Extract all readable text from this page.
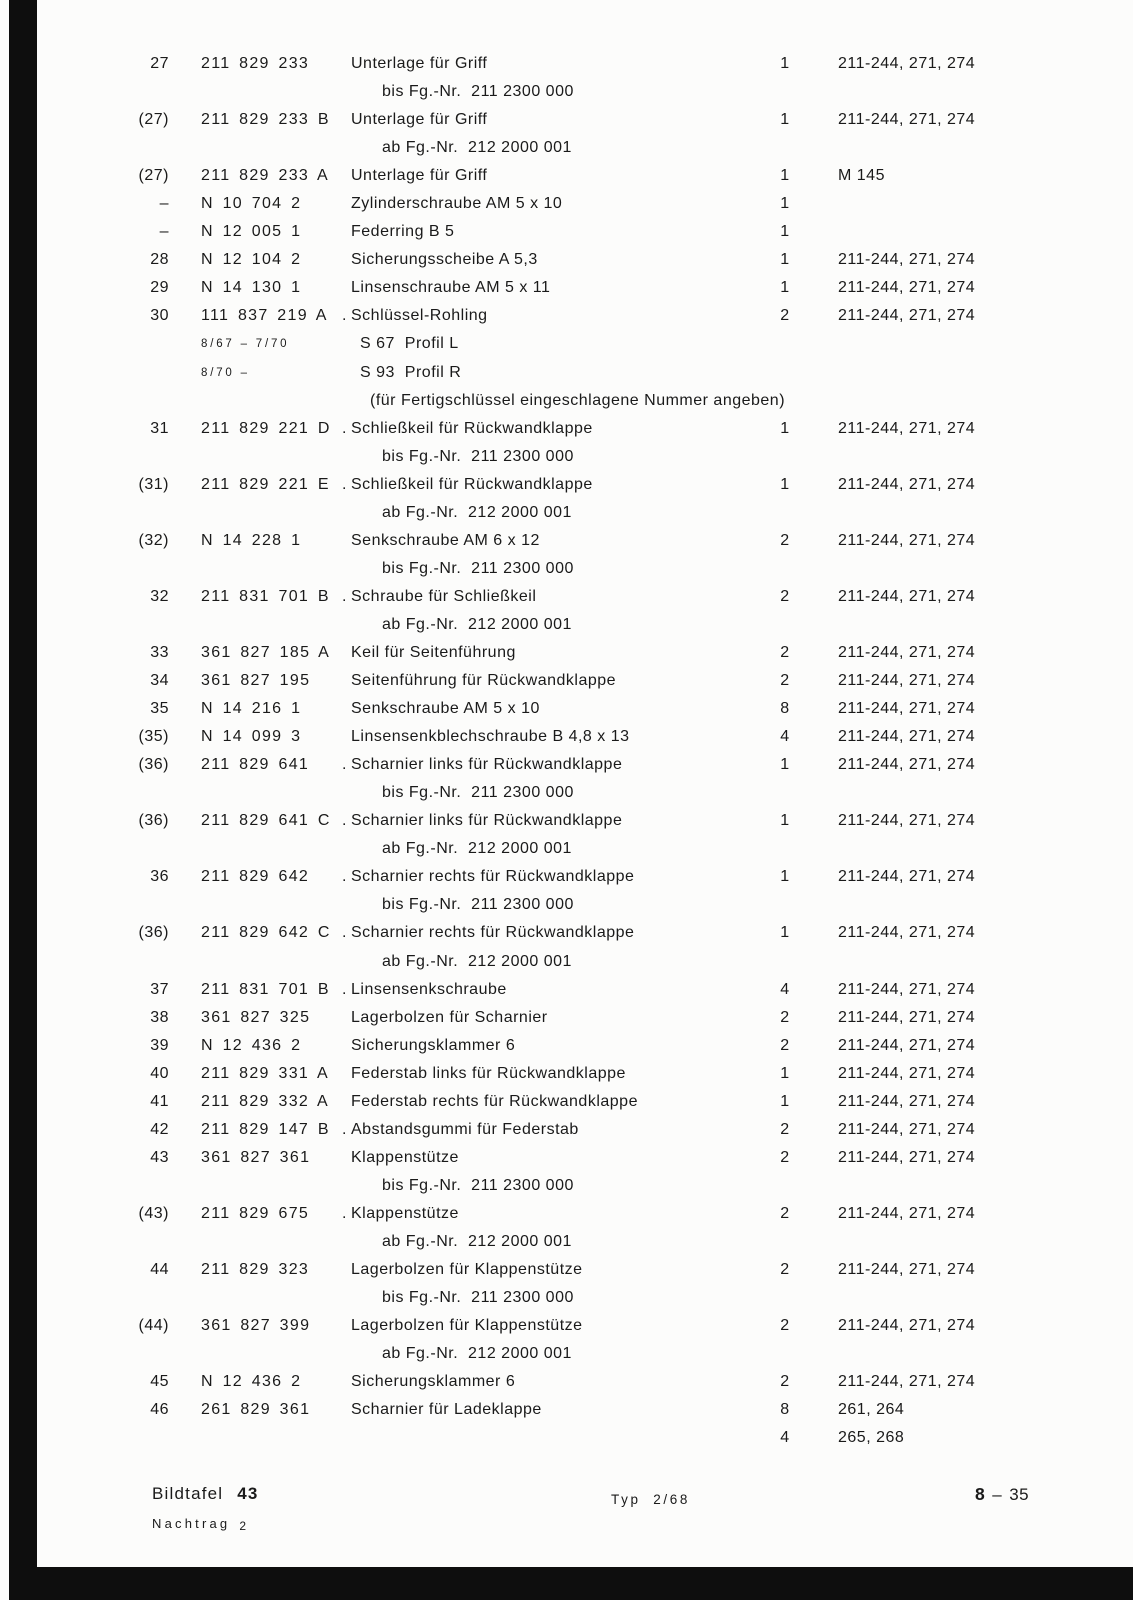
27 211 829 233	Unterlage für Griff	1	211-244, 271, 274
bis Fg.-Nr.  211 2300 000
(27) 211 829 233 B	Unterlage für Griff	1	211-244, 271, 274
ab Fg.-Nr.  212 2000 001
(27) 211 829 233 A	Unterlage für Griff	1	M 145
– N 10 704 2	Zylinderschraube AM 5 x 10	1
– N 12 005 1	Federring B 5	1
28 N 12 104 2	Sicherungsscheibe A 5,3	1	211-244, 271, 274
29 N 14 130 1	Linsenschraube AM 5 x 11	1	211-244, 271, 274
30 111 837 219 A . Schlüssel-Rohling	2	211-244, 271, 274
8/67 – 7/70	S 67  Profil L
8/70 –	S 93  Profil R
(für Fertigschlüssel eingeschlagene Nummer angeben)
31 211 829 221 D . Schließkeil für Rückwandklappe	1	211-244, 271, 274
bis Fg.-Nr.  211 2300 000
(31) 211 829 221 E . Schließkeil für Rückwandklappe	1	211-244, 271, 274
ab Fg.-Nr.  212 2000 001
(32) N 14 228 1	Senkschraube AM 6 x 12	2	211-244, 271, 274
bis Fg.-Nr.  211 2300 000
32 211 831 701 B . Schraube für Schließkeil	2	211-244, 271, 274
ab Fg.-Nr.  212 2000 001
33 361 827 185 A	Keil für Seitenführung	2	211-244, 271, 274
34 361 827 195	Seitenführung für Rückwandklappe	2	211-244, 271, 274
35 N 14 216 1	Senkschraube AM 5 x 10	8	211-244, 271, 274
(35) N 14 099 3	Linsensenkblechschraube B 4,8 x 13	4	211-244, 271, 274
(36) 211 829 641 . Scharnier links für Rückwandklappe	1	211-244, 271, 274
bis Fg.-Nr.  211 2300 000
(36) 211 829 641 C . Scharnier links für Rückwandklappe	1	211-244, 271, 274
ab Fg.-Nr.  212 2000 001
36 211 829 642 . Scharnier rechts für Rückwandklappe	1	211-244, 271, 274
bis Fg.-Nr.  211 2300 000
(36) 211 829 642 C . Scharnier rechts für Rückwandklappe	1	211-244, 271, 274
ab Fg.-Nr.  212 2000 001
37 211 831 701 B . Linsensenkschraube	4	211-244, 271, 274
38 361 827 325	Lagerbolzen für Scharnier	2	211-244, 271, 274
39 N 12 436 2	Sicherungsklammer 6	2	211-244, 271, 274
40 211 829 331 A	Federstab links für Rückwandklappe	1	211-244, 271, 274
41 211 829 332 A	Federstab rechts für Rückwandklappe	1	211-244, 271, 274
42 211 829 147 B . Abstandsgummi für Federstab	2	211-244, 271, 274
43 361 827 361	Klappenstütze	2	211-244, 271, 274
bis Fg.-Nr.  211 2300 000
(43) 211 829 675 . Klappenstütze	2	211-244, 271, 274
ab Fg.-Nr.  212 2000 001
44 211 829 323	Lagerbolzen für Klappenstütze	2	211-244, 271, 274
bis Fg.-Nr.  211 2300 000
(44) 361 827 399	Lagerbolzen für Klappenstütze	2	211-244, 271, 274
ab Fg.-Nr.  212 2000 001
45 N 12 436 2	Sicherungsklammer 6	2	211-244, 271, 274
46 261 829 361	Scharnier für Ladeklappe	8	261, 264
4	265, 268
Bildtafel 43
Nachtrag 2
Typ  2/68	8 – 35
